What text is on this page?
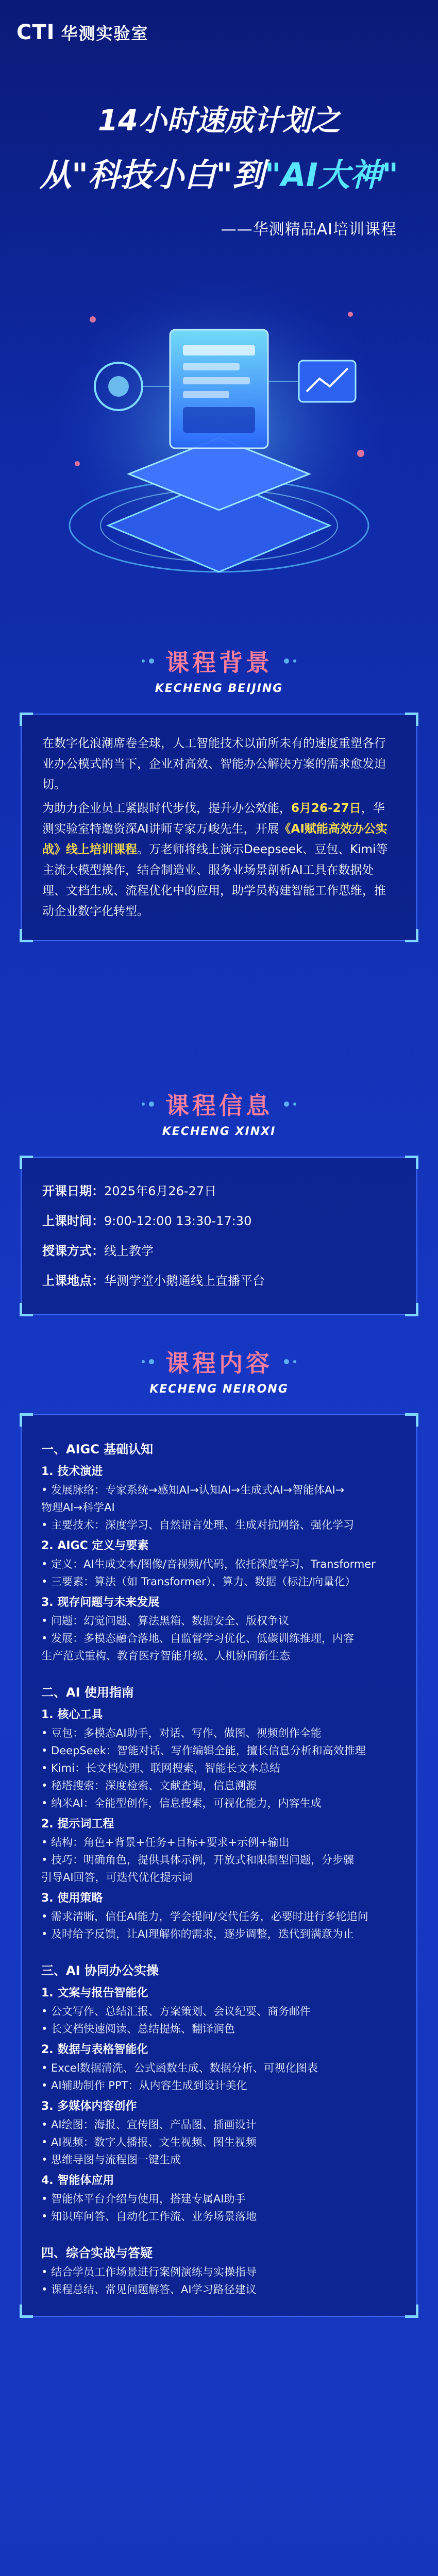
CTI 华测实验室
14小时速成计划之
从"科技小白"到"AI大神"
——华测精品AI培训课程
课程背景
KECHENG BEIJING

在数字化浪潮席卷全球，人工智能技术以前所未有的速度重塑各行业办公模式的当下，企业对高效、智能办公解决方案的需求愈发迫切。

为助力企业员工紧跟时代步伐，提升办公效能，6月26-27日，华测实验室特邀资深AI讲师专家万峻先生，开展《AI赋能高效办公实战》线上培训课程。万老师将线上演示Deepseek、豆包、Kimi等主流大模型操作，结合制造业、服务业场景剖析AI工具在数据处理、文档生成、流程优化中的应用，助学员构建智能工作思维，推动企业数字化转型。

课程信息
KECHENG XINXI
开课日期：2025年6月26-27日
上课时间：9:00-12:00 13:30-17:30
授课方式：线上教学
上课地点：华测学堂小鹅通线上直播平台
课程内容
KECHENG NEIRONG
一、AIGC 基础认知
1. 技术演进
• 发展脉络：专家系统→感知AI→认知AI→生成式AI→智能体AI→
物理AI→科学AI
• 主要技术：深度学习、自然语言处理、生成对抗网络、强化学习
2. AIGC 定义与要素
• 定义：AI生成文本/图像/音视频/代码，依托深度学习、Transformer
• 三要素：算法（如 Transformer）、算力、数据（标注/向量化）
3. 现存问题与未来发展
• 问题：幻觉问题、算法黑箱、数据安全、版权争议
• 发展：多模态融合落地、自监督学习优化、低碳训练推理，内容
生产范式重构、教育医疗智能升级、人机协同新生态
二、AI 使用指南
1. 核心工具
• 豆包：多模态AI助手，对话、写作、做图、视频创作全能
• DeepSeek：智能对话、写作编辑全能，擅长信息分析和高效推理
• Kimi：长文档处理、联网搜索，智能长文本总结
• 秘塔搜索：深度检索、文献查询，信息溯源
• 纳米AI：全能型创作，信息搜索，可视化能力，内容生成
2. 提示词工程
• 结构：角色+背景+任务+目标+要求+示例+输出
• 技巧：明确角色，提供具体示例，开放式和限制型问题，分步骤
引导AI回答，可迭代优化提示词
3. 使用策略
• 需求清晰，信任AI能力，学会提问/交代任务，必要时进行多轮追问
• 及时给予反馈，让AI理解你的需求，逐步调整，迭代到满意为止
三、AI 协同办公实操
1. 文案与报告智能化
• 公文写作、总结汇报、方案策划、会议纪要、商务邮件
• 长文档快速阅读、总结提炼、翻译润色
2. 数据与表格智能化
• Excel数据清洗、公式函数生成、数据分析、可视化图表
• AI辅助制作 PPT：从内容生成到设计美化
3. 多媒体内容创作
• AI绘图：海报、宣传图、产品图、插画设计
• AI视频：数字人播报、文生视频、图生视频
• 思维导图与流程图一键生成
4. 智能体应用
• 智能体平台介绍与使用，搭建专属AI助手
• 知识库问答、自动化工作流、业务场景落地
四、综合实战与答疑
• 结合学员工作场景进行案例演练与实操指导
• 课程总结、常见问题解答、AI学习路径建议
